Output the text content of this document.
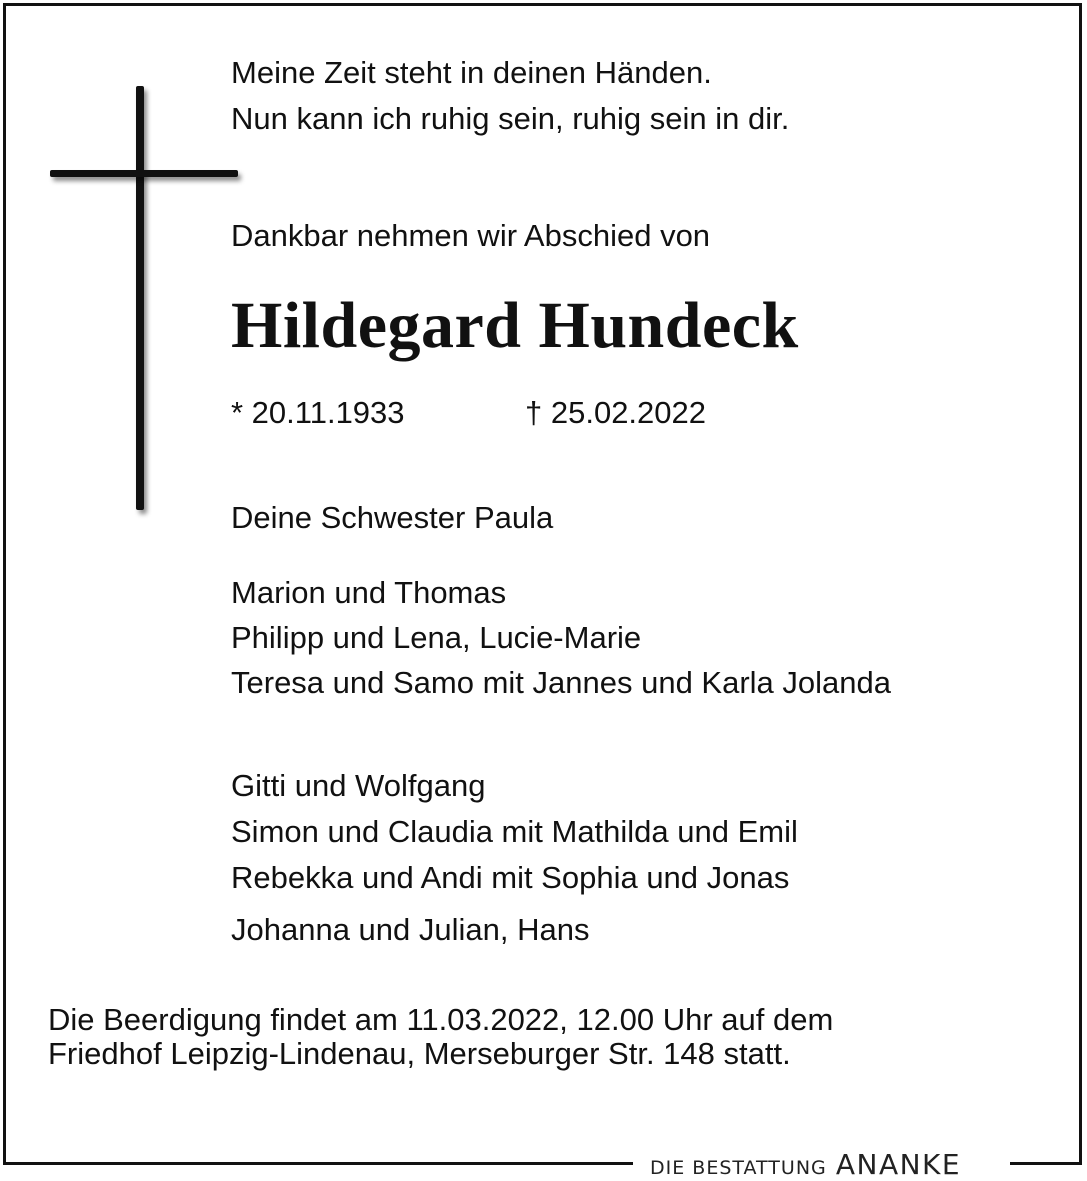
Meine Zeit steht in deinen Händen.
Nun kann ich ruhig sein, ruhig sein in dir.
Dankbar nehmen wir Abschied von
Hildegard Hundeck
* 20.11.1933	† 25.02.2022
Deine Schwester Paula
Marion und Thomas
Philipp und Lena, Lucie-Marie
Teresa und Samo mit Jannes und Karla Jolanda
Gitti und Wolfgang
Simon und Claudia mit Mathilda und Emil
Rebekka und Andi mit Sophia und Jonas
Johanna und Julian, Hans
Die Beerdigung findet am 11.03.2022, 12.00 Uhr auf dem
Friedhof Leipzig-Lindenau, Merseburger Str. 148 statt.
DIE BESTATTUNG ANANKE
